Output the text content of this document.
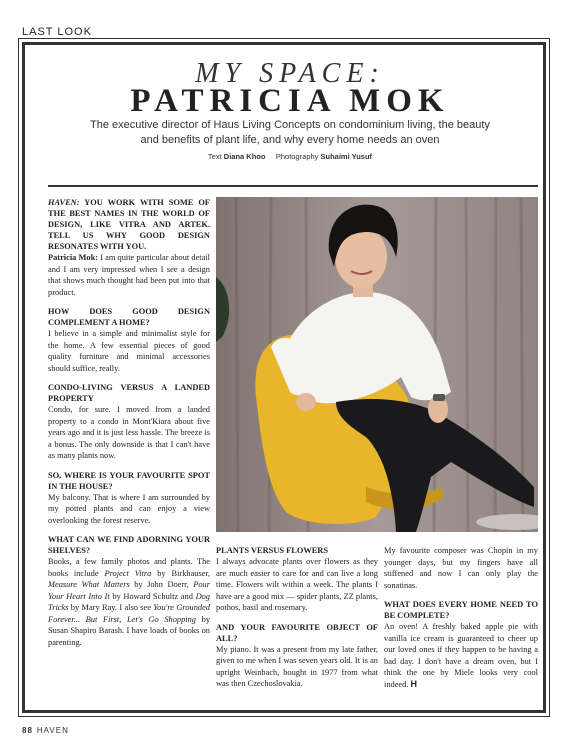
LAST LOOK
MY SPACE:
PATRICIA MOK
The executive director of Haus Living Concepts on condominium living, the beauty and benefits of plant life, and why every home needs an oven
Text Diana Khoo Photography Suhaimi Yusuf
HAVEN: YOU WORK WITH SOME OF THE BEST NAMES IN THE WORLD OF DESIGN, LIKE VITRA AND ARTEK. TELL US WHY GOOD DESIGN RESONATES WITH YOU.

Patricia Mok: I am quite particular about detail and I am very impressed when I see a design that shows much thought had been put into that product.

HOW DOES GOOD DESIGN COMPLEMENT A HOME?

I believe in a simple and minimalist style for the home. A few essential pieces of good quality furniture and minimal accessories should suffice, really.

CONDO-LIVING VERSUS A LANDED PROPERTY

Condo, for sure. I moved from a landed property to a condo in Mont'Kiara about five years ago and it is just less hassle. The breeze is a bonus. The only downside is that I can't have as many plants now.

SO, WHERE IS YOUR FAVOURITE SPOT IN THE HOUSE?

My balcony. That is where I am surrounded by my potted plants and can enjoy a view overlooking the forest reserve.

WHAT CAN WE FIND ADORNING YOUR SHELVES?

Books, a few family photos and plants. The books include Project Vitra by Birkhauser, Measure What Matters by John Doerr, Pour Your Heart Into It by Howard Schultz and Dog Tricks by Mary Ray. I also see You're Grounded Forever... But First, Let's Go Shopping by Susan Shapiro Barash. I have loads of books on parenting.

PLANTS VERSUS FLOWERS

I always advocate plants over flowers as they are much easier to care for and can live a long time. Flowers wilt within a week. The plants I have are a good mix — spider plants, ZZ plants, pothos, basil and rosemary.

AND YOUR FAVOURITE OBJECT OF ALL?

My piano. It was a present from my late father, given to me when I was seven years old. It is an upright Weinbach, bought in 1977 from what was then Czechoslovakia.

My favourite composer was Chopin in my younger days, but my fingers have all stiffened and now I can only play the sonatinas.

WHAT DOES EVERY HOME NEED TO BE COMPLETE?

An oven! A freshly baked apple pie with vanilla ice cream is guaranteed to cheer up our loved ones if they happen to be having a bad day. I don't have a dream oven, but I think the one by Miele looks very cool indeed. H

88 HAVEN
